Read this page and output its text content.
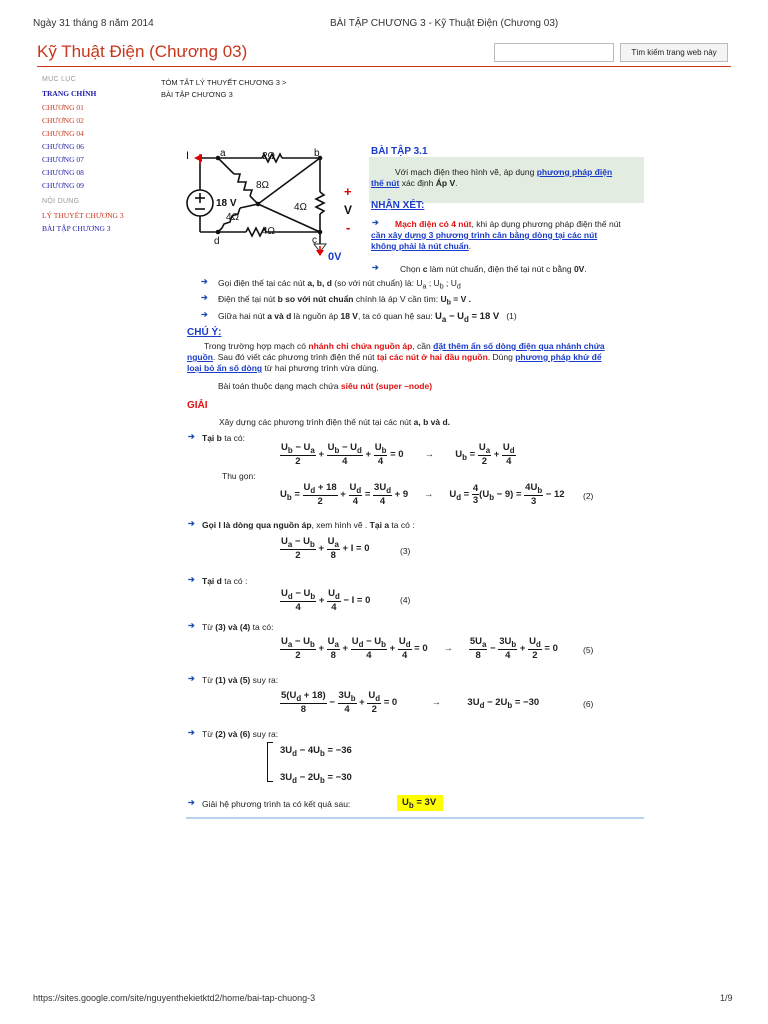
Ngày 31 tháng 8 năm 2014	BÀI TẬP CHƯƠNG 3 - Kỹ Thuật Điện (Chương 03)
Kỹ Thuật Điện (Chương 03)	Tìm kiếm trang web này
MỤC LỤC
TRANG CHÍNH
CHƯƠNG 01
CHƯƠNG 02
CHƯƠNG 04
CHƯƠNG 06
CHƯƠNG 07
CHƯƠNG 08
CHƯƠNG 09
NỘI DUNG
LÝ THUYẾT CHƯƠNG 3
BÀI TẬP CHƯƠNG 3
TÓM TẮT LÝ THUYẾT CHƯƠNG 3 >
BÀI TẬP CHƯƠNG 3
I	a	b
c
d
2Ω
8Ω
4Ω
4Ω
4Ω
18 V
+
V
-
0V
BÀI TẬP 3.1
Với mạch điện theo hình vẽ, áp dụng phương pháp điện
thế nút xác định Áp V.
NHẬN XÉT:
➔ Mạch điện có 4 nút, khi áp dụng phương pháp điện thế nút
cần xây dựng 3 phương trình cân bằng dòng tại các nút
không phải là nút chuẩn.
➔	Chọn c làm nút chuẩn, điện thế tại nút c bằng 0V.
➔ Gọi điện thế tại các nút a, b, d (so với nút chuẩn) là: $U_a$ ; $U_b$ ; $U_d$
➔ Điện thế tại nút b so với nút chuẩn chính là áp V cần tìm: $U_b = V$ .
➔ Giữa hai nút a và d là nguồn áp 18 V, ta có quan hệ sau: $U_a - U_d = 18$ V (1)
CHÚ Ý:
Trong trường hợp mạch có nhánh chỉ chứa nguồn áp, cần đặt thêm ẩn số dòng điện qua nhánh chứa
nguồn. Sau đó viết các phương trình điện thế nút tại các nút ở hai đầu nguồn. Dùng phương pháp khử để
loại bỏ ẩn số dòng từ hai phương trình vừa dùng.
Bài toán thuộc dạng mạch chứa siêu nút (super –node)
GIẢI
Xây dựng các phương trình điện thế nút tại các nút a, b và d.
➔ Tại b ta có:
$\frac{U_b - U_a}{2} + \frac{U_b - U_d}{4} + \frac{U_b}{4} = 0$        →        $U_b = \frac{U_a}{2} + \frac{U_d}{4}$
Thu gọn:
$U_b = \frac{U_d + 18}{2} + \frac{U_d}{4} = \frac{3U_d}{4} + 9$      →      $U_d = \frac{4}{3} (U_b - 9) = \frac{4U_b}{3} - 12$ (2)
➔ Gọi I là dòng qua nguồn áp, xem hình vẽ . Tại a ta có :
$\frac{U_a - U_b}{2} + \frac{U_a}{8} + I = 0$	(3)
➔ Tại d ta có :
$\frac{U_d - U_b}{4} + \frac{U_d}{4} - I = 0$	(4)
➔ Từ (3) và (4) ta có:
$\frac{U_a - U_b}{2} + \frac{U_a}{8} + \frac{U_d - U_b}{4} + \frac{U_d}{4} = 0$      → $\frac{5U_a}{8} - \frac{3U_b}{4} + \frac{U_d}{2} = 0$	(5)
➔ Từ (1) và (5) suy ra:
$\frac{5(U_d + 18)}{8} - \frac{3U_b}{4} + \frac{U_d}{2} = 0$             →          $3U_d - 2U_b = -30$	(6)
➔ Từ (2) và (6) suy ra:
$3U_d - 4U_b = -36$
$3U_d - 2U_b = -30$
➔ Giải hệ phương trình ta có kết quả sau:	$U_b = 3V$
https://sites.google.com/site/nguyenthekietktd2/home/bai-tap-chuong-3	1/9
